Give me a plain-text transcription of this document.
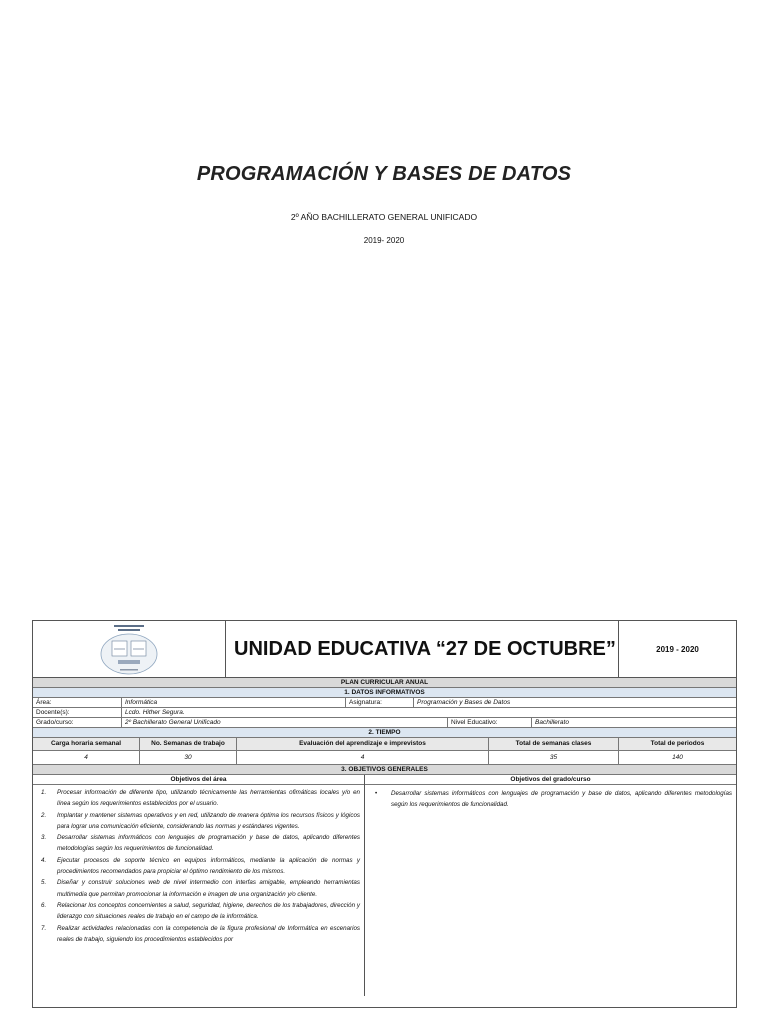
PROGRAMACIÓN Y BASES DE DATOS
2º AÑO BACHILLERATO GENERAL UNIFICADO
2019- 2020
UNIDAD EDUCATIVA “27 DE OCTUBRE”	2019 - 2020
PLAN CURRICULAR ANUAL
1. DATOS INFORMATIVOS
Área:	Informática	Asignatura:	Programación y Bases de Datos
Docente(s):	Lcdo. Hither Segura.
Grado/curso:	2º Bachillerato General Unificado	Nivel Educativo:	Bachillerato
2. TIEMPO
Carga horaria semanal	No. Semanas de trabajo	Evaluación del aprendizaje e imprevistos	Total de semanas clases	Total de periodos
4	30	4	35	140
3. OBJETIVOS GENERALES
Objetivos del área
1.	Procesar información de diferente tipo, utilizando técnicamente las herramientas ofimáticas locales y/o en línea según los requerimientos establecidos por el usuario.
2.	Implantar y mantener sistemas operativos y en red, utilizando de manera óptima los recursos físicos y lógicos para lograr una comunicación eficiente, considerando las normas y estándares vigentes.
3.	Desarrollar sistemas informáticos con lenguajes de programación y base de datos, aplicando diferentes metodologías según los requerimientos de funcionalidad.
4.	Ejecutar procesos de soporte técnico en equipos informáticos, mediante la aplicación de normas y procedimientos recomendados para propiciar el óptimo rendimiento de los mismos.
5.	Diseñar y construir soluciones web de nivel intermedio con interfas amigable, empleando herramientas multimedia que permitan promocionar la información e imagen de una organización y/o cliente.
6.	Relacionar los conceptos concernientes a salud, seguridad, higiene, derechos de los trabajadores, dirección y liderazgo con situaciones reales de trabajo en el campo de la informática.
7.	Realizar actividades relacionadas con la competencia de la figura profesional de Informática en escenarios reales de trabajo, siguiendo los procedimientos establecidos por
Objetivos del grado/curso
•	Desarrollar sistemas informáticos con lenguajes de programación y base de datos, aplicando diferentes metodologías según los requerimientos de funcionalidad.
